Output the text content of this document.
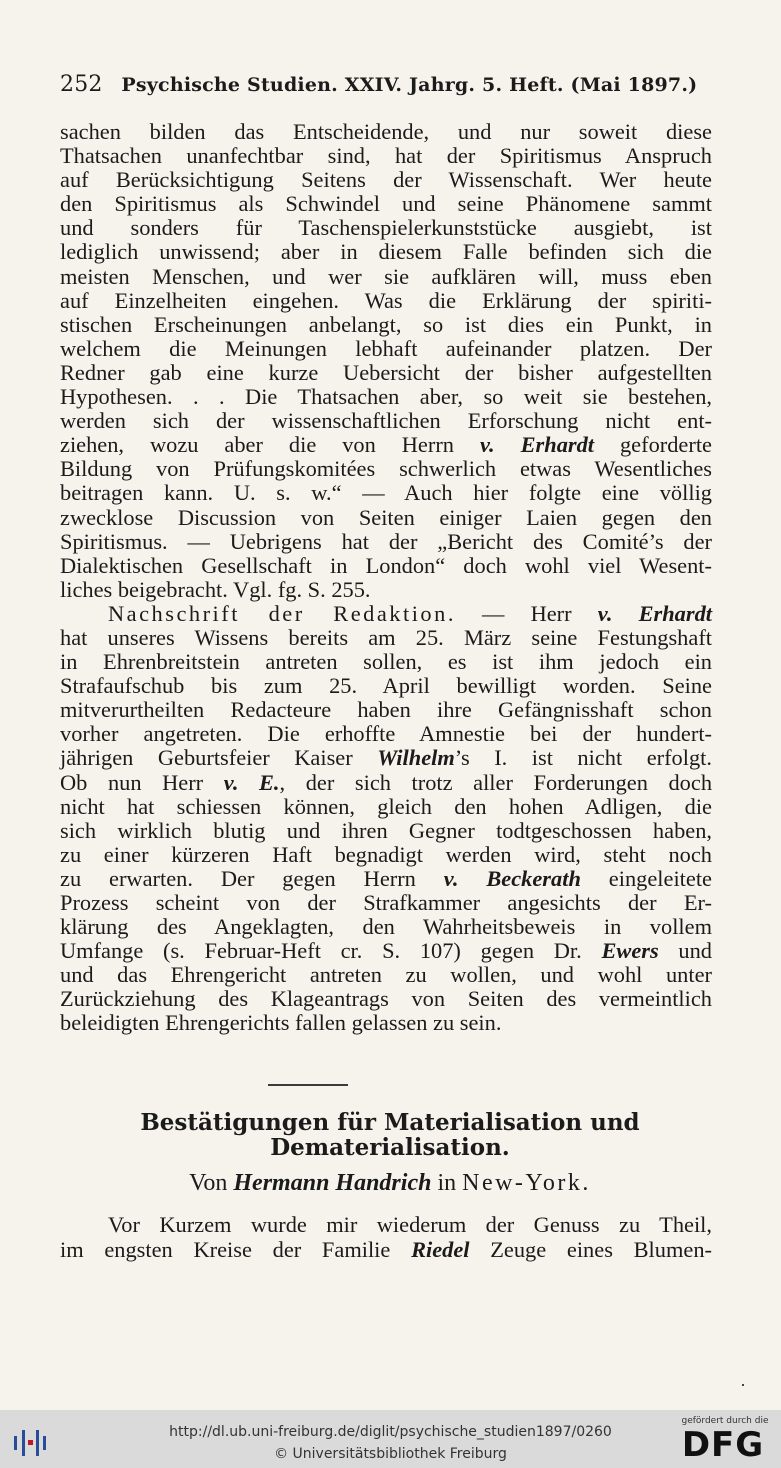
252 Psychische Studien. XXIV. Jahrg. 5. Heft. (Mai 1897.)
sachen bilden das Entscheidende, und nur soweit diese
Thatsachen unanfechtbar sind, hat der Spiritismus Anspruch
auf Berücksichtigung Seitens der Wissenschaft. Wer heute
den Spiritismus als Schwindel und seine Phänomene sammt
und sonders für Taschenspielerkunststücke ausgiebt, ist
lediglich unwissend; aber in diesem Falle befinden sich die
meisten Menschen, und wer sie aufklären will, muss eben
auf Einzelheiten eingehen. Was die Erklärung der spiriti-
stischen Erscheinungen anbelangt, so ist dies ein Punkt, in
welchem die Meinungen lebhaft aufeinander platzen. Der
Redner gab eine kurze Uebersicht der bisher aufgestellten
Hypothesen. . . Die Thatsachen aber, so weit sie bestehen,
werden sich der wissenschaftlichen Erforschung nicht ent-
ziehen, wozu aber die von Herrn v. Erhardt geforderte
Bildung von Prüfungskomitées schwerlich etwas Wesentliches
beitragen kann. U. s. w.“ — Auch hier folgte eine völlig
zwecklose Discussion von Seiten einiger Laien gegen den
Spiritismus. — Uebrigens hat der „Bericht des Comité’s der
Dialektischen Gesellschaft in London“ doch wohl viel Wesent-
liches beigebracht. Vgl. fg. S. 255.
Nachschrift der Redaktion. — Herr v. Erhardt
hat unseres Wissens bereits am 25. März seine Festungshaft
in Ehrenbreitstein antreten sollen, es ist ihm jedoch ein
Strafaufschub bis zum 25. April bewilligt worden. Seine
mitverurtheilten Redacteure haben ihre Gefängnisshaft schon
vorher angetreten. Die erhoffte Amnestie bei der hundert-
jährigen Geburtsfeier Kaiser Wilhelm’s I. ist nicht erfolgt.
Ob nun Herr v. E., der sich trotz aller Forderungen doch
nicht hat schiessen können, gleich den hohen Adligen, die
sich wirklich blutig und ihren Gegner todtgeschossen haben,
zu einer kürzeren Haft begnadigt werden wird, steht noch
zu erwarten. Der gegen Herrn v. Beckerath eingeleitete
Prozess scheint von der Strafkammer angesichts der Er-
klärung des Angeklagten, den Wahrheitsbeweis in vollem
Umfange (s. Februar-Heft cr. S. 107) gegen Dr. Ewers und
und das Ehrengericht antreten zu wollen, und wohl unter
Zurückziehung des Klageantrags von Seiten des vermeintlich
beleidigten Ehrengerichts fallen gelassen zu sein.
Bestätigungen für Materialisation und
Dematerialisation.
Von Hermann Handrich in New-York.
Vor Kurzem wurde mir wiederum der Genuss zu Theil,
im engsten Kreise der Familie Riedel Zeuge eines Blumen-
http://dl.ub.uni-freiburg.de/diglit/psychische_studien1897/0260
© Universitätsbibliothek Freiburg
gefördert durch die
DFG
